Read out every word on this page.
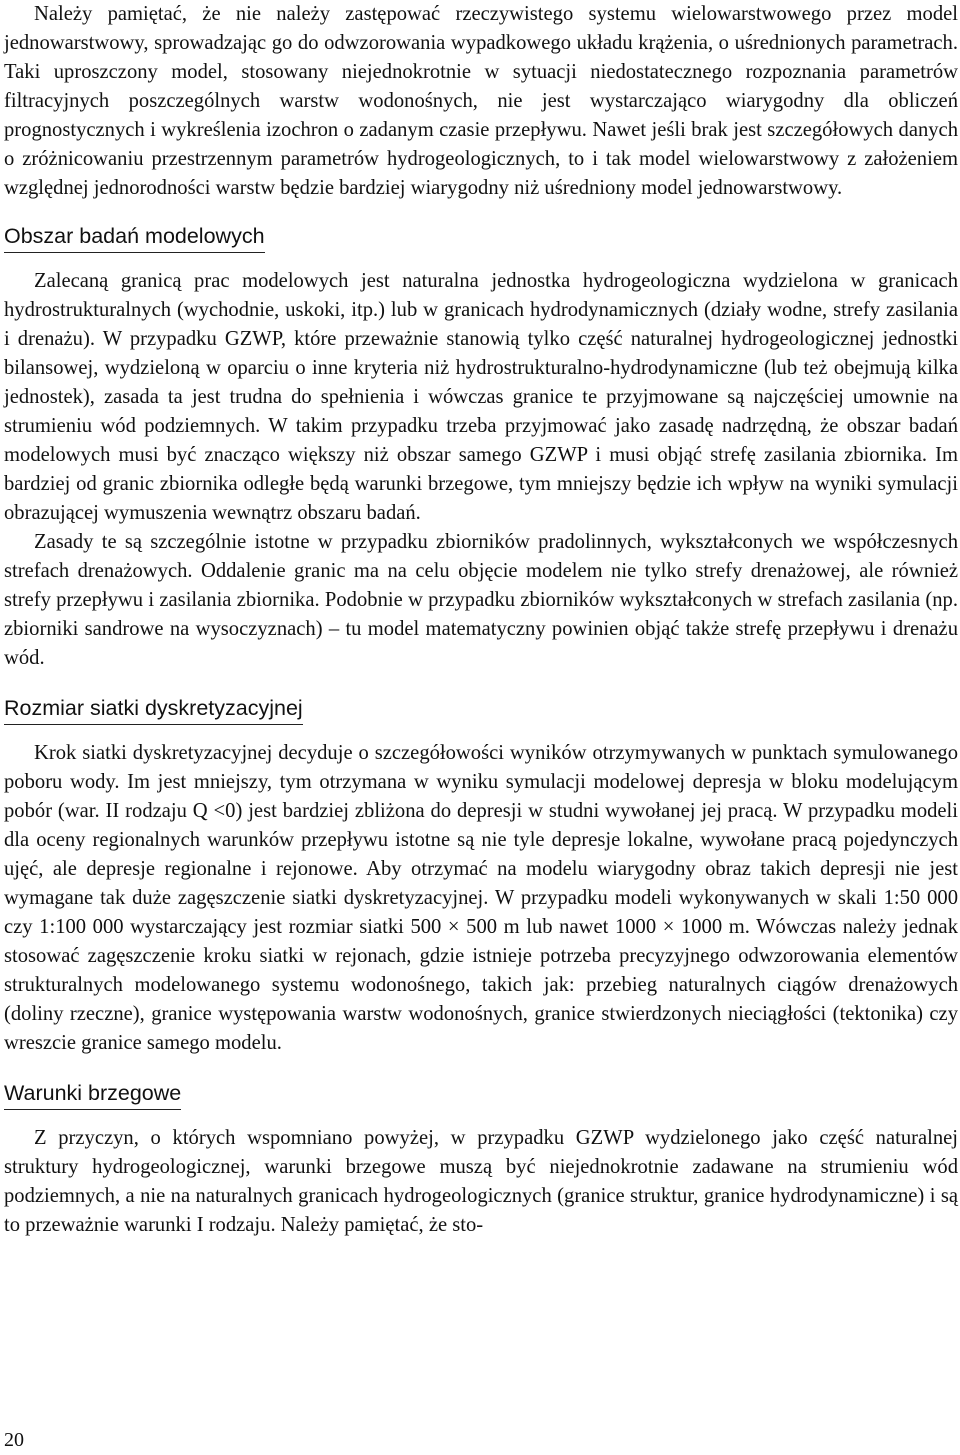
Należy pamiętać, że nie należy zastępować rzeczywistego systemu wielowarstwowego przez model jednowarstwowy, sprowadzając go do odwzorowania wypadkowego układu krążenia, o uśrednionych parametrach. Taki uproszczony model, stosowany niejednokrotnie w sytuacji niedostatecznego rozpoznania parametrów filtracyjnych poszczególnych warstw wodonośnych, nie jest wystarczająco wiarygodny dla obliczeń prognostycznych i wykreślenia izochron o zadanym czasie przepływu. Nawet jeśli brak jest szczegółowych danych o zróżnicowaniu przestrzennym parametrów hydrogeologicznych, to i tak model wielowarstwowy z założeniem względnej jednorodności warstw będzie bardziej wiarygodny niż uśredniony model jednowarstwowy.

Obszar badań modelowych

Zalecaną granicą prac modelowych jest naturalna jednostka hydrogeologiczna wydzielona w granicach hydrostrukturalnych (wychodnie, uskoki, itp.) lub w granicach hydrodynamicznych (działy wodne, strefy zasilania i drenażu). W przypadku GZWP, które przeważnie stanowią tylko część naturalnej hydrogeologicznej jednostki bilansowej, wydzieloną w oparciu o inne kryteria niż hydrostrukturalno-hydrodynamiczne (lub też obejmują kilka jednostek), zasada ta jest trudna do spełnienia i wówczas granice te przyjmowane są najczęściej umownie na strumieniu wód podziemnych. W takim przypadku trzeba przyjmować jako zasadę nadrzędną, że obszar badań modelowych musi być znacząco większy niż obszar samego GZWP i musi objąć strefę zasilania zbiornika. Im bardziej od granic zbiornika odległe będą warunki brzegowe, tym mniejszy będzie ich wpływ na wyniki symulacji obrazującej wymuszenia wewnątrz obszaru badań.

Zasady te są szczególnie istotne w przypadku zbiorników pradolinnych, wykształconych we współczesnych strefach drenażowych. Oddalenie granic ma na celu objęcie modelem nie tylko strefy drenażowej, ale również strefy przepływu i zasilania zbiornika. Podobnie w przypadku zbiorników wykształconych w strefach zasilania (np. zbiorniki sandrowe na wysoczyznach) – tu model matematyczny powinien objąć także strefę przepływu i drenażu wód.

Rozmiar siatki dyskretyzacyjnej

Krok siatki dyskretyzacyjnej decyduje o szczegółowości wyników otrzymywanych w punktach symulowanego poboru wody. Im jest mniejszy, tym otrzymana w wyniku symulacji modelowej depresja w bloku modelującym pobór (war. II rodzaju Q <0) jest bardziej zbliżona do depresji w studni wywołanej jej pracą. W przypadku modeli dla oceny regionalnych warunków przepływu istotne są nie tyle depresje lokalne, wywołane pracą pojedynczych ujęć, ale depresje regionalne i rejonowe. Aby otrzymać na modelu wiarygodny obraz takich depresji nie jest wymagane tak duże zagęszczenie siatki dyskretyzacyjnej. W przypadku modeli wykonywanych w skali 1:50 000 czy 1:100 000 wystarczający jest rozmiar siatki 500 × 500 m lub nawet 1000 × 1000 m. Wówczas należy jednak stosować zagęszczenie kroku siatki w rejonach, gdzie istnieje potrzeba precyzyjnego odwzorowania elementów strukturalnych modelowanego systemu wodonośnego, takich jak: przebieg naturalnych ciągów drenażowych (doliny rzeczne), granice występowania warstw wodonośnych, granice stwierdzonych nieciągłości (tektonika) czy wreszcie granice samego modelu.

Warunki brzegowe

Z przyczyn, o których wspomniano powyżej, w przypadku GZWP wydzielonego jako część naturalnej struktury hydrogeologicznej, warunki brzegowe muszą być niejednokrotnie zadawane na strumieniu wód podziemnych, a nie na naturalnych granicach hydrogeologicznych (granice struktur, granice hydrodynamiczne) i są to przeważnie warunki I rodzaju. Należy pamiętać, że sto-

20
